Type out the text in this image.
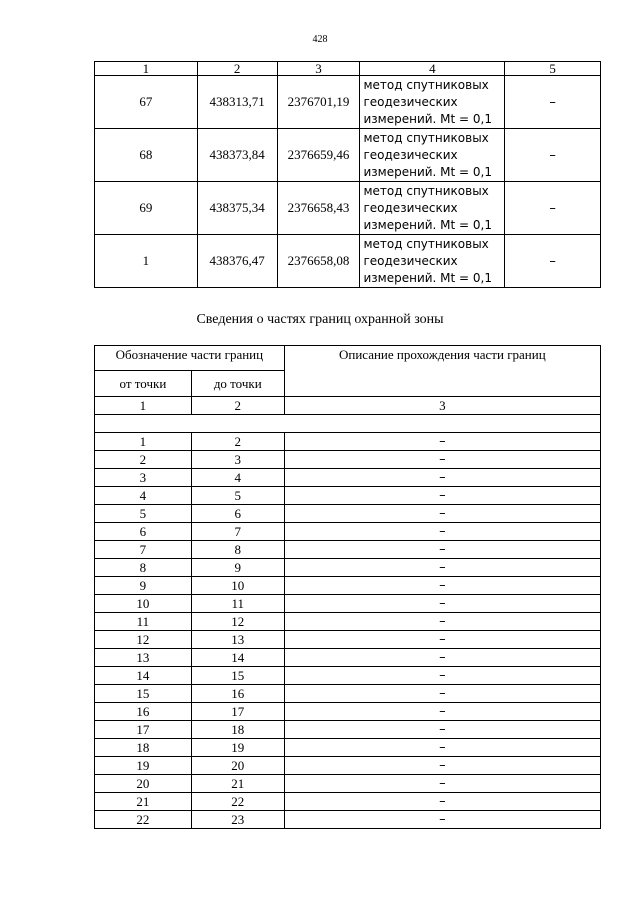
428
1	2	3	4	5
67	438313,71	2376701,19	метод спутниковых
геодезических
измерений. Mt = 0,1	–
68	438373,84	2376659,46	метод спутниковых
геодезических
измерений. Mt = 0,1	–
69	438375,34	2376658,43	метод спутниковых
геодезических
измерений. Mt = 0,1	–
1	438376,47	2376658,08	метод спутниковых
геодезических
измерений. Mt = 0,1	–
Сведения о частях границ охранной зоны
Обозначение части границ		Описание прохождения части границ
от точки	до точки	
1	2	3

1	2	–
2	3	–
3	4	–
4	5	–
5	6	–
6	7	–
7	8	–
8	9	–
9	10	–
10	11	–
11	12	–
12	13	–
13	14	–
14	15	–
15	16	–
16	17	–
17	18	–
18	19	–
19	20	–
20	21	–
21	22	–
22	23	–
